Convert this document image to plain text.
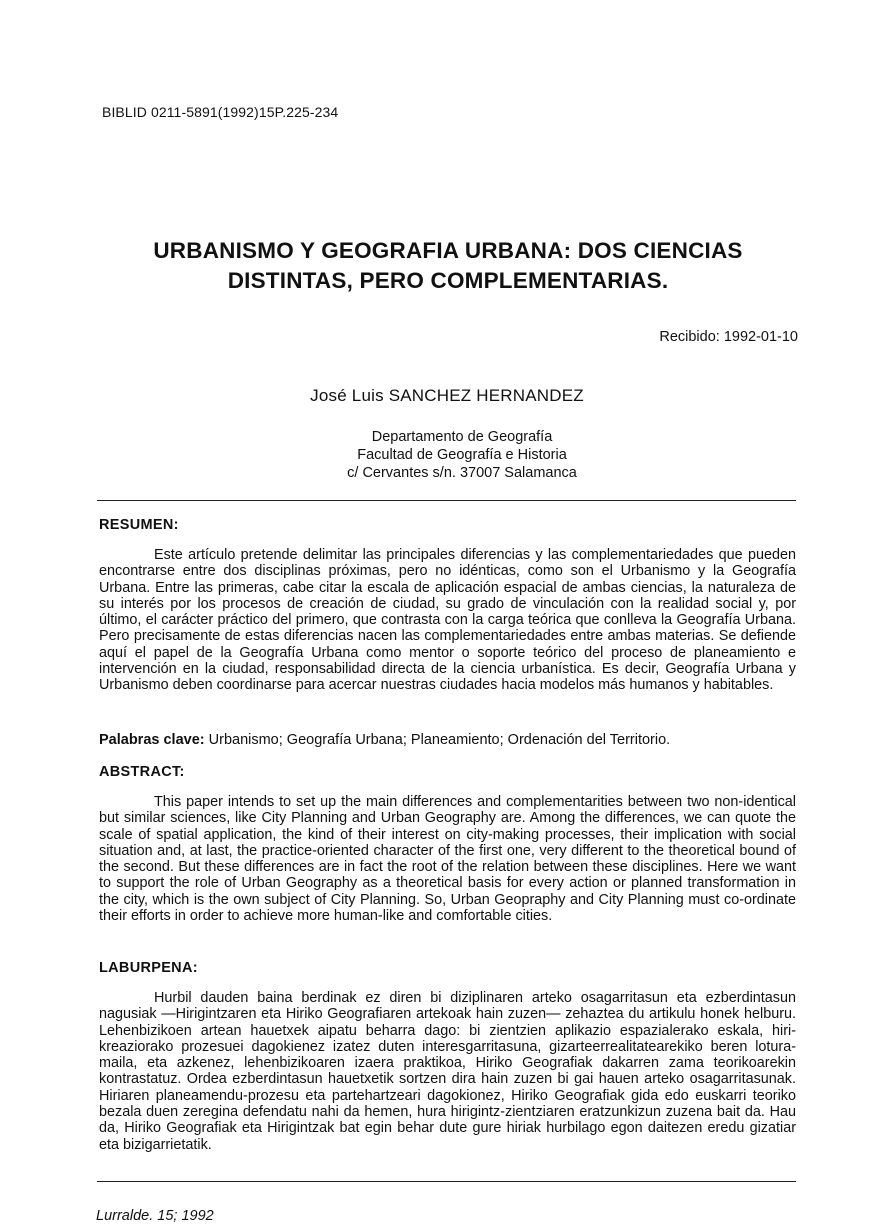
BIBLID 0211-5891(1992)15P.225-234
URBANISMO Y GEOGRAFIA URBANA: DOS CIENCIAS
DISTINTAS, PERO COMPLEMENTARIAS.
Recibido: 1992-01-10
José Luis SANCHEZ HERNANDEZ
Departamento de Geografía
Facultad de Geografía e Historia
c/ Cervantes s/n. 37007 Salamanca
RESUMEN:

Este artículo pretende delimitar las principales diferencias y las complementariedades que pueden encontrarse entre dos disciplinas próximas, pero no idénticas, como son el Urbanismo y la Geografía Urbana. Entre las primeras, cabe citar la escala de aplicación espacial de ambas ciencias, la naturaleza de su interés por los procesos de creación de ciudad, su grado de vinculación con la realidad social y, por último, el carácter práctico del primero, que contrasta con la carga teórica que conlleva la Geografía Urbana. Pero precisamente de estas diferencias nacen las complementariedades entre ambas materias. Se defiende aquí el papel de la Geografía Urbana como mentor o soporte teórico del proceso de planeamiento e intervención en la ciudad, responsabilidad directa de la ciencia urbanística. Es decir, Geografía Urbana y Urbanismo deben coordinarse para acercar nuestras ciudades hacia modelos más humanos y habitables.

Palabras clave: Urbanismo; Geografía Urbana; Planeamiento; Ordenación del Territorio.
ABSTRACT:

This paper intends to set up the main differences and complementarities between two non-identical but similar sciences, like City Planning and Urban Geography are. Among the differences, we can quote the scale of spatial application, the kind of their interest on city-making processes, their implication with social situation and, at last, the practice-oriented character of the first one, very different to the theoretical bound of the second. But these differences are in fact the root of the relation between these disciplines. Here we want to support the role of Urban Geography as a theoretical basis for every action or planned transformation in the city, which is the own subject of City Planning. So, Urban Geopraphy and City Planning must co-ordinate their efforts in order to achieve more human-like and comfortable cities.

LABURPENA:

Hurbil dauden baina berdinak ez diren bi diziplinaren arteko osagarritasun eta ezberdintasun nagusiak —Hirigintzaren eta Hiriko Geografiaren artekoak hain zuzen— zehaztea du artikulu honek helburu. Lehenbizikoen artean hauetxek aipatu beharra dago: bi zientzien aplikazio espazialerako eskala, hiri-kreaziorako prozesuei dagokienez izatez duten interesgarritasuna, gizarteerrealitatearekiko beren lotura-maila, eta azkenez, lehenbizikoaren izaera praktikoa, Hiriko Geografiak dakarren zama teorikoarekin kontrastatuz. Ordea ezberdintasun hauetxetik sortzen dira hain zuzen bi gai hauen arteko osagarritasunak. Hiriaren planeamendu-prozesu eta partehartzeari dagokionez, Hiriko Geografiak gida edo euskarri teoriko bezala duen zeregina defendatu nahi da hemen, hura hirigintz-zientziaren eratzunkizun zuzena bait da. Hau da, Hiriko Geografiak eta Hirigintzak bat egin behar dute gure hiriak hurbilago egon daitezen eredu gizatiar eta bizigarrietatik.

Lurralde. 15; 1992
